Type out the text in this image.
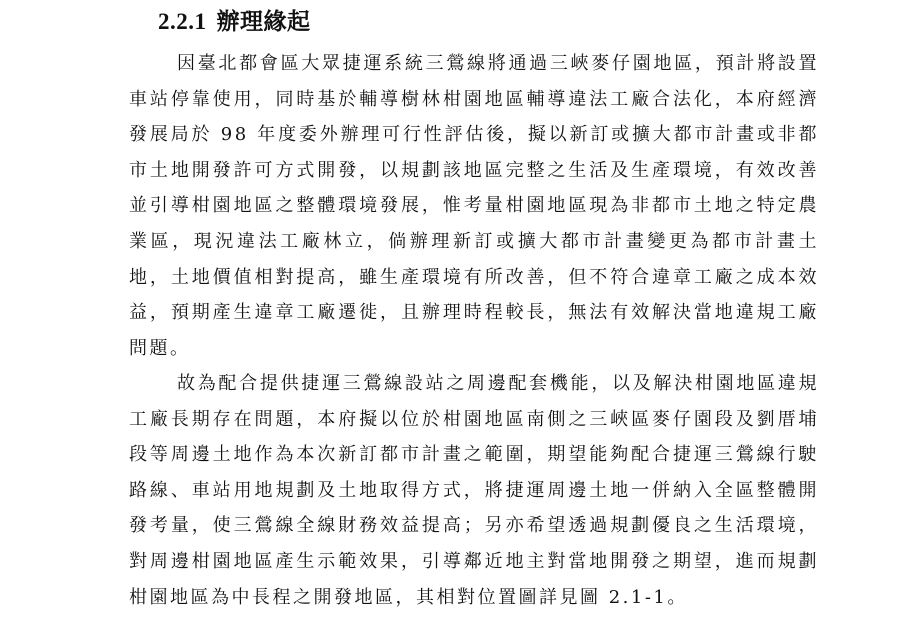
2.2.1 辦理緣起

因臺北都會區大眾捷運系統三鶯線將通過三峽麥仔園地區，預計將設置車站停靠使用，同時基於輔導樹林柑園地區輔導違法工廠合法化，本府經濟發展局於 98 年度委外辦理可行性評估後，擬以新訂或擴大都市計畫或非都市土地開發許可方式開發，以規劃該地區完整之生活及生產環境，有效改善並引導柑園地區之整體環境發展，惟考量柑園地區現為非都市土地之特定農業區，現況違法工廠林立，倘辦理新訂或擴大都市計畫變更為都市計畫土地，土地價值相對提高，雖生產環境有所改善，但不符合違章工廠之成本效益，預期產生違章工廠遷徙，且辦理時程較長，無法有效解決當地違規工廠問題。

故為配合提供捷運三鶯線設站之周邊配套機能，以及解決柑園地區違規工廠長期存在問題，本府擬以位於柑園地區南側之三峽區麥仔園段及劉厝埔段等周邊土地作為本次新訂都市計畫之範圍，期望能夠配合捷運三鶯線行駛路線、車站用地規劃及土地取得方式，將捷運周邊土地一併納入全區整體開發考量，使三鶯線全線財務效益提高；另亦希望透過規劃優良之生活環境，對周邊柑園地區產生示範效果，引導鄰近地主對當地開發之期望，進而規劃柑園地區為中長程之開發地區，其相對位置圖詳見圖 2.1-1。
